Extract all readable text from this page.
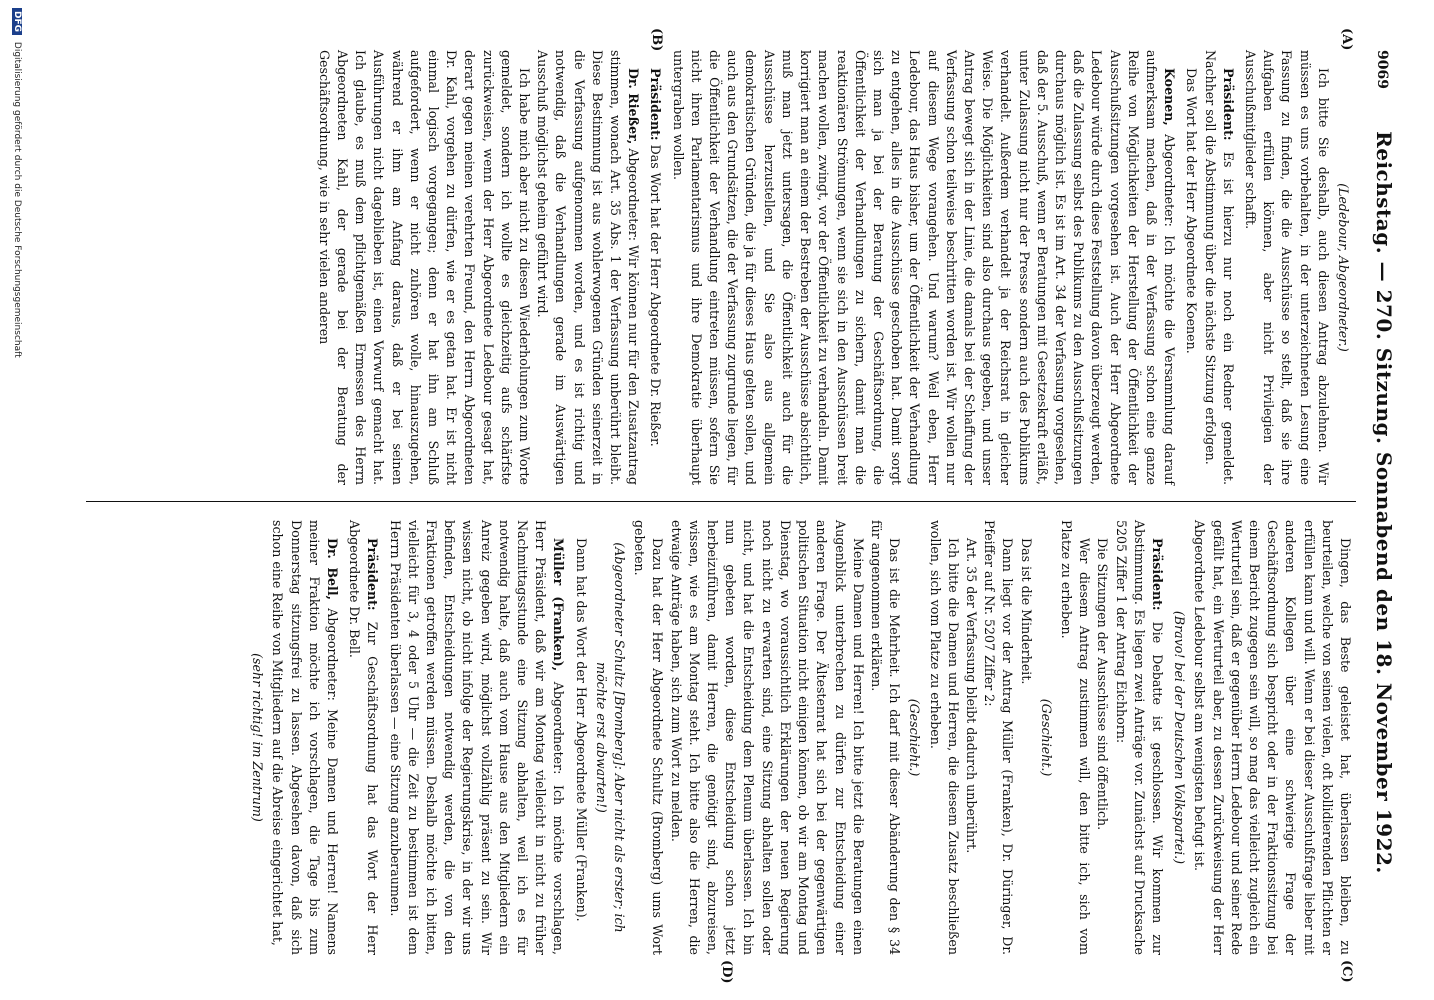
9069
Reichstag. — 270. Sitzung. Sonnabend den 18. November 1922.
(A)
(B)
(C)
(D)

(Ledebour, Abgeordneter.)

Ich bitte Sie deshalb, auch diesen Antrag abzulehnen. Wir müssen es uns vorbehalten, in der unterzeichneten Lesung eine Fassung zu finden, die die Ausschüsse so stellt, daß sie ihre Aufgaben erfüllen können, aber nicht Privilegien der Ausschußmitglieder schafft.

Präsident: Es ist hierzu nur noch ein Redner gemeldet. Nachher soll die Abstimmung über die nächste Sitzung erfolgen.

Das Wort hat der Herr Abgeordnete Koenen.

Koenen, Abgeordneter: Ich möchte die Versammlung darauf aufmerksam machen, daß in der Verfassung schon eine ganze Reihe von Möglichkeiten der Herstellung der Öffentlichkeit der Ausschußsitzungen vorgesehen ist. Auch der Herr Abgeordnete Ledebour würde durch diese Feststellung davon überzeugt werden, daß die Zulassung selbst des Publikums zu den Ausschußsitzungen durchaus möglich ist. Es ist im Art. 34 der Verfassung vorgesehen, daß der 5. Ausschuß, wenn er Beratungen mit Gesetzeskraft erläßt, unter Zulassung nicht nur der Presse sondern auch des Publikums verhandelt. Außerdem verhandelt ja der Reichsrat in gleicher Weise. Die Möglichkeiten sind also durchaus gegeben, und unser Antrag bewegt sich in der Linie, die damals bei der Schaffung der Verfassung schon teilweise beschritten worden ist. Wir wollen nur auf diesem Wege vorangehen. Und warum? Weil eben, Herr Ledebour, das Haus bisher, um der Öffentlichkeit der Verhandlung zu entgehen, alles in die Ausschüsse geschoben hat. Damit sorgt sich man ja bei der Beratung der Geschäftsordnung, die Öffentlichkeit der Verhandlungen zu sichern, damit man die reaktionären Strömungen, wenn sie sich in den Ausschüssen breit machen wollen, zwingt, vor der Öffentlichkeit zu verhandeln. Damit korrigiert man an einem der Bestreben der Ausschüsse absichtlich, muß man jetzt untersagen, die Öffentlichkeit auch für die Ausschüsse herzustellen, und Sie also aus allgemein demokratischen Gründen, die ja für dieses Haus gelten sollen, und auch aus den Grundsätzen, die der Verfassung zugrunde liegen, für die Öffentlichkeit der Verhandlung eintreten müssen, sofern Sie nicht ihren Parlamentarismus und ihre Demokratie überhaupt untergraben wollen.

Präsident: Das Wort hat der Herr Abgeordnete Dr. Rießer.

Dr. Rießer, Abgeordneter: Wir können nur für den Zusatzantrag stimmen, wonach Art. 35 Abs. 1 der Verfassung unberührt bleibt. Diese Bestimmung ist aus wohlerwogenen Gründen seinerzeit in die Verfassung aufgenommen worden, und es ist richtig und notwendig, daß die Verhandlungen gerade im Auswärtigen Ausschuß möglichst geheim geführt wird.

Ich habe mich aber nicht zu diesen Wiederholungen zum Worte gemeldet, sondern ich wollte es gleichzeitig aufs schärfste zurückweisen, wenn der Herr Abgeordnete Ledebour gesagt hat, derart gegen meinen verehrten Freund, den Herrn Abgeordneten Dr. Kahl, vorgehen zu dürfen, wie er es getan hat. Er ist nicht einmal logisch vorgegangen; denn er hat ihn am Schluß aufgefordert, wenn er nicht zuhören wolle, hinauszugehen, während er ihm am Anfang daraus, daß er bei seinen Ausführungen nicht dageblieben ist, einen Vorwurf gemacht hat. Ich glaube, es muß dem pflichtgemäßen Ermessen des Herrn Abgeordneten Kahl, der gerade bei der Beratung der Geschäftsordnung, wie in sehr vielen anderen

Dingen, das Beste geleistet hat, überlassen bleiben, zu beurteilen, welche von seinen vielen, oft kollidierenden Pflichten er erfüllen kann und will. Wenn er bei dieser Ausschußfrage lieber mit anderen Kollegen über eine schwierige Frage der Geschäftsordnung sich bespricht oder in der Fraktionssitzung bei einem Bericht zugegen sein will, so mag das vielleicht zugleich ein Werturteil sein, daß er gegenüber Herrn Ledebour und seiner Rede gefällt hat, ein Werturteil aber, zu dessen Zurückweisung der Herr Abgeordnete Ledebour selbst am wenigsten befugt ist.

(Bravo! bei der Deutschen Volkspartei.)

Präsident: Die Debatte ist geschlossen. Wir kommen zur Abstimmung. Es liegen zwei Anträge vor. Zunächst auf Drucksache 5205 Ziffer 1 der Antrag Eichhorn:

Die Sitzungen der Ausschüsse sind öffentlich.

Wer diesem Antrag zustimmen will, den bitte ich, sich vom Platze zu erheben.

(Geschieht.)

Das ist die Minderheit.

Dann liegt vor der Antrag Müller (Franken), Dr. Düringer, Dr. Pfeiffer auf Nr. 5207 Ziffer 2:

Art. 35 der Verfassung bleibt dadurch unberührt.

Ich bitte die Damen und Herren, die diesem Zusatz beschließen wollen, sich vom Platze zu erheben.

(Geschieht.)

Das ist die Mehrheit. Ich darf mit dieser Abänderung den § 34 für angenommen erklären.

Meine Damen und Herren! Ich bitte jetzt die Beratungen einen Augenblick unterbrechen zu dürfen zur Entscheidung einer anderen Frage. Der Ältestenrat hat sich bei der gegenwärtigen politischen Situation nicht einigen können, ob wir am Montag und Dienstag, wo voraussichtlich Erklärungen der neuen Regierung noch nicht zu erwarten sind, eine Sitzung abhalten sollen oder nicht, und hat die Entscheidung dem Plenum überlassen. Ich bin nun gebeten worden, diese Entscheidung schon jetzt herbeizuführen, damit Herren, die genötigt sind, abzureisen, wissen, wie es am Montag steht. Ich bitte also die Herren, die etwaige Anträge haben, sich zum Wort zu melden.

Dazu hat der Herr Abgeordnete Schultz (Bromberg) ums Wort gebeten.

(Abgeordneter Schultz [Bromberg]: Aber nicht als erster; ich möchte erst abwarten!)

Dann hat das Wort der Herr Abgeordnete Müller (Franken).

Müller (Franken), Abgeordneter: Ich möchte vorschlagen, Herr Präsident, daß wir am Montag vielleicht in nicht zu früher Nachmittagsstunde eine Sitzung abhalten, weil ich es für notwendig halte, daß auch vom Hause aus den Mitgliedern ein Anreiz gegeben wird, möglichst vollzählig präsent zu sein. Wir wissen nicht, ob nicht infolge der Regierungskrise, in der wir uns befinden, Entscheidungen notwendig werden, die von den Fraktionen getroffen werden müssen. Deshalb möchte ich bitten, vielleicht für 3, 4 oder 5 Uhr — die Zeit zu bestimmen ist dem Herrn Präsidenten überlassen — eine Sitzung anzuberaumen.

Präsident: Zur Geschäftsordnung hat das Wort der Herr Abgeordnete Dr. Bell.

Dr. Bell, Abgeordneter: Meine Damen und Herren! Namens meiner Fraktion möchte ich vorschlagen, die Tage bis zum Donnerstag sitzungsfrei zu lassen. Abgesehen davon, daß sich schon eine Reihe von Mitgliedern auf die Abreise eingerichtet hat,

(sehr richtig! im Zentrum)

DFG Digitalisierung gefördert durch die Deutsche Forschungsgemeinschaft
